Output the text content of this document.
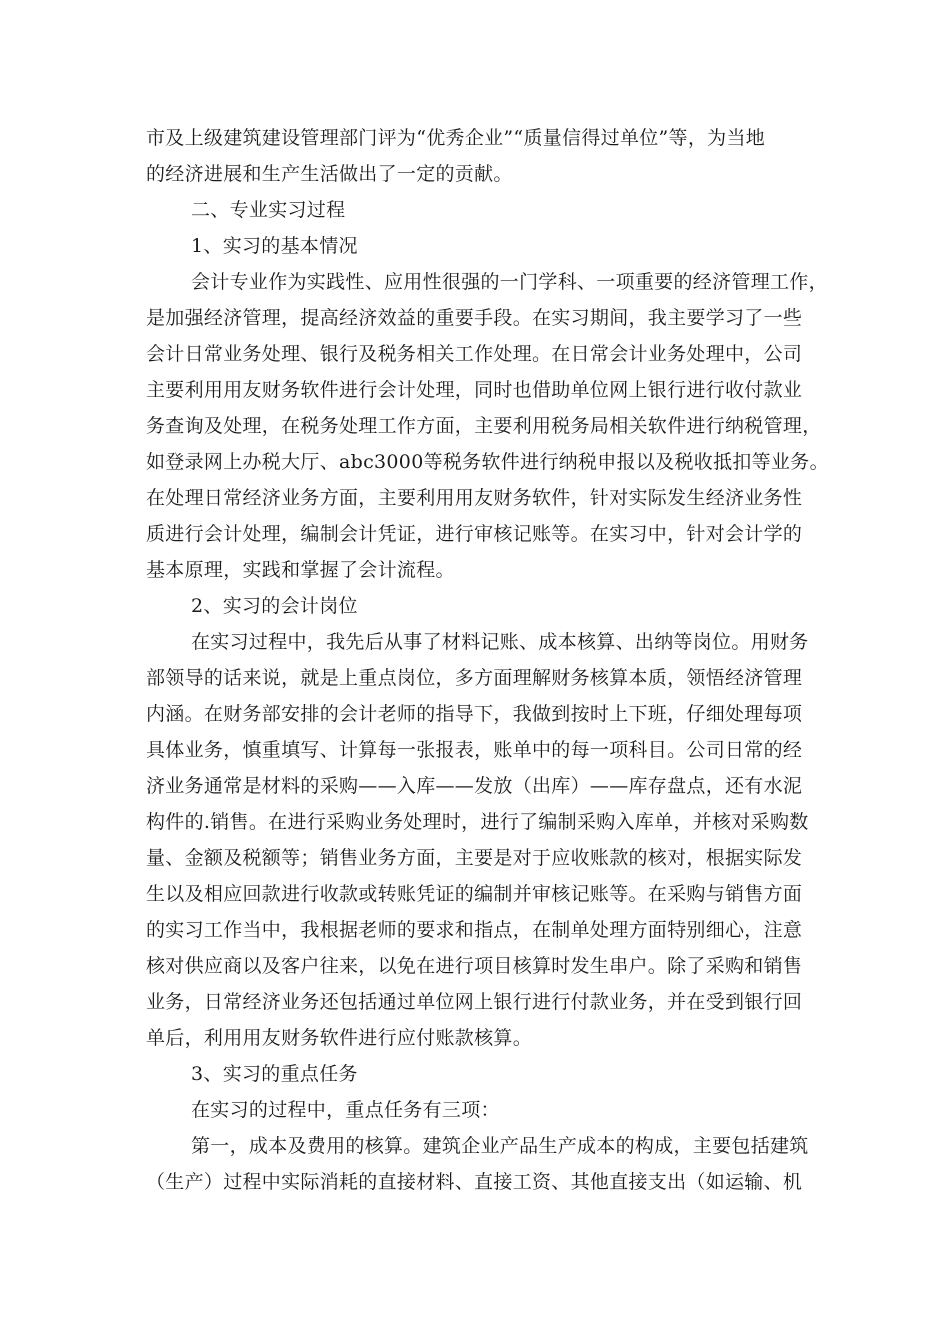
市及上级建筑建设管理部门评为“优秀企业”“质量信得过单位”等，为当地
的经济进展和生产生活做出了一定的贡献。
二、专业实习过程
1、实习的基本情况
会计专业作为实践性、应用性很强的一门学科、一项重要的经济管理工作，
是加强经济管理，提高经济效益的重要手段。在实习期间，我主要学习了一些
会计日常业务处理、银行及税务相关工作处理。在日常会计业务处理中，公司
主要利用用友财务软件进行会计处理，同时也借助单位网上银行进行收付款业
务查询及处理，在税务处理工作方面，主要利用税务局相关软件进行纳税管理，
如登录网上办税大厅、abc3000等税务软件进行纳税申报以及税收抵扣等业务。
在处理日常经济业务方面，主要利用用友财务软件，针对实际发生经济业务性
质进行会计处理，编制会计凭证，进行审核记账等。在实习中，针对会计学的
基本原理，实践和掌握了会计流程。
2、实习的会计岗位
在实习过程中，我先后从事了材料记账、成本核算、出纳等岗位。用财务
部领导的话来说，就是上重点岗位，多方面理解财务核算本质，领悟经济管理
内涵。在财务部安排的会计老师的指导下，我做到按时上下班，仔细处理每项
具体业务，慎重填写、计算每一张报表，账单中的每一项科目。公司日常的经
济业务通常是材料的采购——入库——发放（出库）——库存盘点，还有水泥
构件的.销售。在进行采购业务处理时，进行了编制采购入库单，并核对采购数
量、金额及税额等；销售业务方面，主要是对于应收账款的核对，根据实际发
生以及相应回款进行收款或转账凭证的编制并审核记账等。在采购与销售方面
的实习工作当中，我根据老师的要求和指点，在制单处理方面特别细心，注意
核对供应商以及客户往来，以免在进行项目核算时发生串户。除了采购和销售
业务，日常经济业务还包括通过单位网上银行进行付款业务，并在受到银行回
单后，利用用友财务软件进行应付账款核算。
3、实习的重点任务
在实习的过程中，重点任务有三项：
第一，成本及费用的核算。建筑企业产品生产成本的构成，主要包括建筑
（生产）过程中实际消耗的直接材料、直接工资、其他直接支出（如运输、机
